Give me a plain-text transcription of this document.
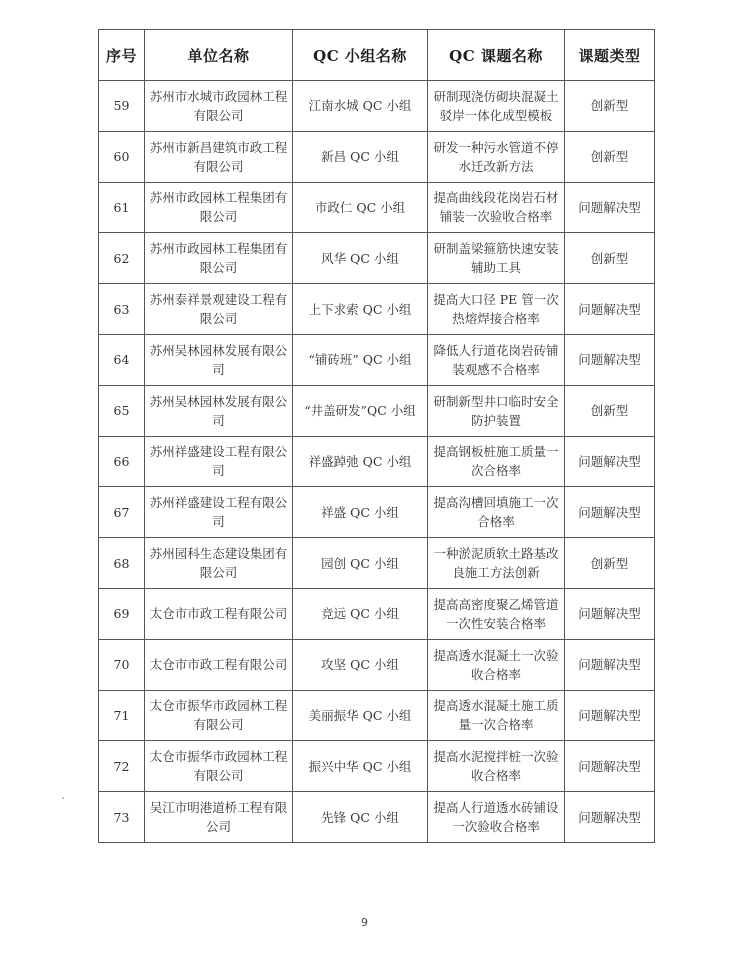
序号	单位名称	QC 小组名称	QC 课题名称	课题类型
59	苏州市水城市政园林工程有限公司	江南水城 QC 小组	研制现浇仿砌块混凝土驳岸一体化成型模板	创新型
60	苏州市新昌建筑市政工程有限公司	新昌 QC 小组	研发一种污水管道不停水迁改新方法	创新型
61	苏州市政园林工程集团有限公司	市政仁 QC 小组	提高曲线段花岗岩石材铺装一次验收合格率	问题解决型
62	苏州市政园林工程集团有限公司	风华 QC 小组	研制盖梁箍筋快速安装辅助工具	创新型
63	苏州泰祥景观建设工程有限公司	上下求索 QC 小组	提高大口径 PE 管一次热熔焊接合格率	问题解决型
64	苏州吴林园林发展有限公司	“铺砖班” QC 小组	降低人行道花岗岩砖铺装观感不合格率	问题解决型
65	苏州吴林园林发展有限公司	“井盖研发”QC 小组	研制新型井口临时安全防护装置	创新型
66	苏州祥盛建设工程有限公司	祥盛踔弛 QC 小组	提高钢板桩施工质量一次合格率	问题解决型
67	苏州祥盛建设工程有限公司	祥盛 QC 小组	提高沟槽回填施工一次合格率	问题解决型
68	苏州园科生态建设集团有限公司	园创 QC 小组	一种淤泥质软土路基改良施工方法创新	创新型
69	太仓市市政工程有限公司	竞远 QC 小组	提高高密度聚乙烯管道一次性安装合格率	问题解决型
70	太仓市市政工程有限公司	攻坚 QC 小组	提高透水混凝土一次验收合格率	问题解决型
71	太仓市振华市政园林工程有限公司	美丽振华 QC 小组	提高透水混凝土施工质量一次合格率	问题解决型
72	太仓市振华市政园林工程有限公司	振兴中华 QC 小组	提高水泥搅拌桩一次验收合格率	问题解决型
73	吴江市明港道桥工程有限公司	先锋 QC 小组	提高人行道透水砖铺设一次验收合格率	问题解决型
9
